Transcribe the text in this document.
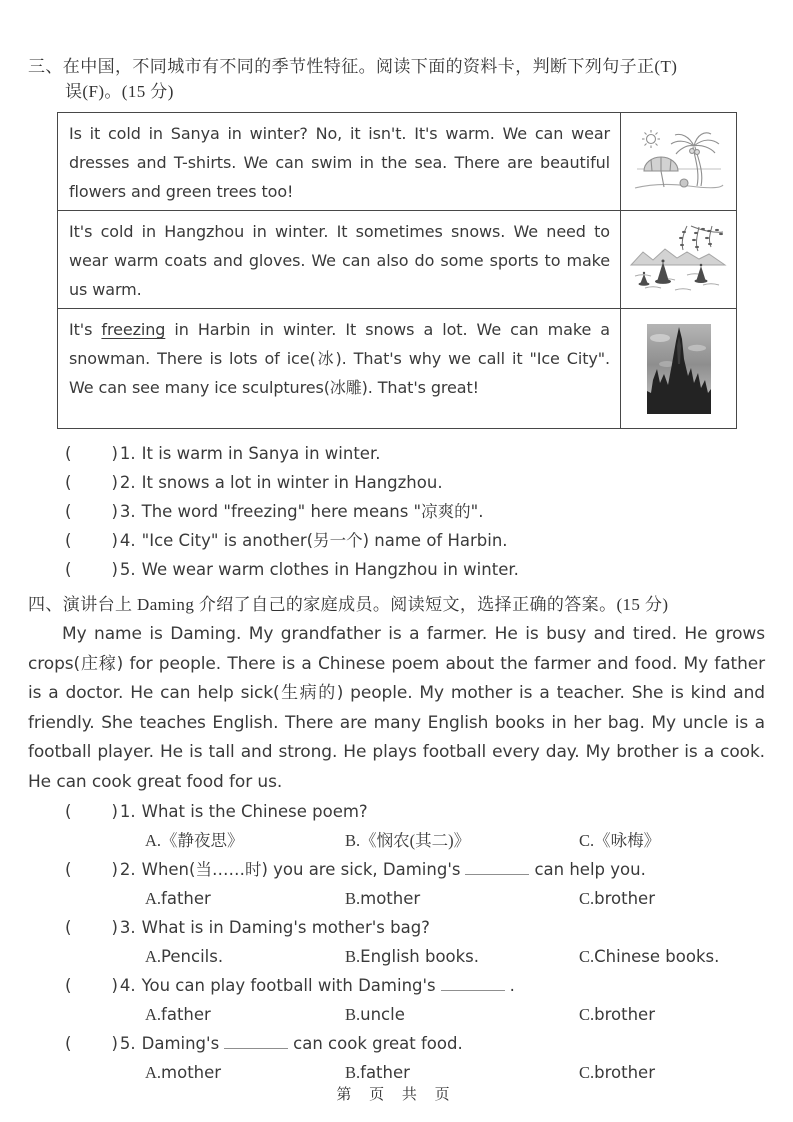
三、在中国，不同城市有不同的季节性特征。阅读下面的资料卡，判断下列句子正(T)
误(F)。(15 分)
Is it cold in Sanya in winter? No, it isn't. It's warm. We can wear dresses and T-shirts. We can swim in the sea. There are beautiful flowers and green trees too!
It's cold in Hangzhou in winter. It sometimes snows. We need to wear warm coats and gloves. We can also do some sports to make us warm.
It's freezing in Harbin in winter. It snows a lot. We can make a snowman. There is lots of ice(冰). That's why we call it "Ice City". We can see many ice sculptures(冰雕). That's great!
( ) 1. It is warm in Sanya in winter.
( ) 2. It snows a lot in winter in Hangzhou.
( ) 3. The word "freezing" here means "凉爽的".
( ) 4. "Ice City" is another(另一个) name of Harbin.
( ) 5. We wear warm clothes in Hangzhou in winter.
四、演讲台上 Daming 介绍了自己的家庭成员。阅读短文，选择正确的答案。(15 分)

My name is Daming. My grandfather is a farmer. He is busy and tired. He grows crops(庄稼) for people. There is a Chinese poem about the farmer and food. My father is a doctor. He can help sick(生病的) people. My mother is a teacher. She is kind and friendly. She teaches English. There are many English books in her bag. My uncle is a football player. He is tall and strong. He plays football every day. My brother is a cook. He can cook great food for us.

( ) 1. What is the Chinese poem?
A.《静夜思》	B.《悯农(其二)》	C.《咏梅》
( ) 2. When(当……时) you are sick, Daming's	can help you.
A.father	B.mother	C.brother
( ) 3. What is in Daming's mother's bag?
A.Pencils.	B.English books.	C.Chinese books.
( ) 4. You can play football with Daming's	.
A.father	B.uncle	C.brother
( ) 5. Daming's	can cook great food.
A.mother	B.father	C.brother
第 页 共 页
